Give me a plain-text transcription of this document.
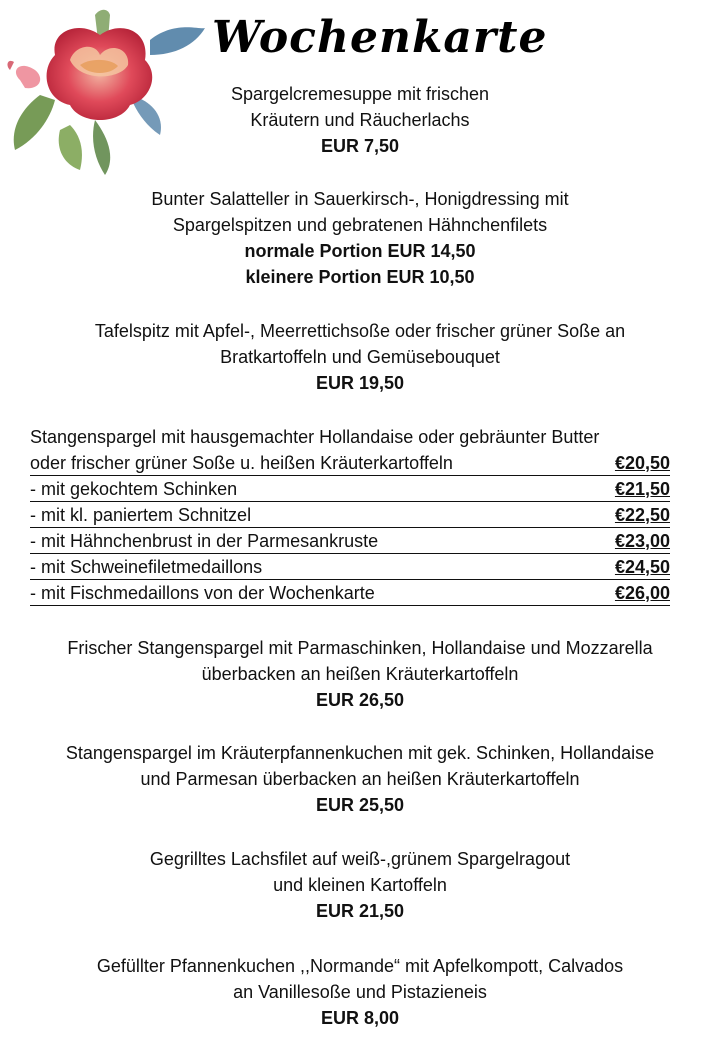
Wochenkarte
Spargelcremesuppe mit frischen
Kräutern und Räucherlachs
EUR 7,50
Bunter Salatteller in Sauerkirsch-, Honigdressing mit
Spargelspitzen und gebratenen Hähnchenfilets
normale Portion EUR 14,50
kleinere Portion EUR 10,50
Tafelspitz mit Apfel-, Meerrettichsoße oder frischer grüner Soße an
Bratkartoffeln und Gemüsebouquet
EUR 19,50
Stangenspargel mit hausgemachter Hollandaise oder gebräunter Butter
oder frischer grüner Soße u. heißen Kräuterkartoffeln	€20,50
- mit gekochtem Schinken	€21,50
- mit kl. paniertem Schnitzel	€22,50
- mit Hähnchenbrust in der Parmesankruste	€23,00
- mit Schweinefiletmedaillons	€24,50
- mit Fischmedaillons von der Wochenkarte	€26,00
Frischer Stangenspargel mit Parmaschinken, Hollandaise und Mozzarella
überbacken an heißen Kräuterkartoffeln
EUR 26,50
Stangenspargel im Kräuterpfannenkuchen mit gek. Schinken, Hollandaise
und Parmesan überbacken an heißen Kräuterkartoffeln
EUR 25,50
Gegrilltes Lachsfilet auf weiß-,grünem Spargelragout
und kleinen Kartoffeln
EUR 21,50
Gefüllter Pfannenkuchen ,,Normande“ mit Apfelkompott, Calvados
an Vanillesoße und Pistazieneis
EUR 8,00
